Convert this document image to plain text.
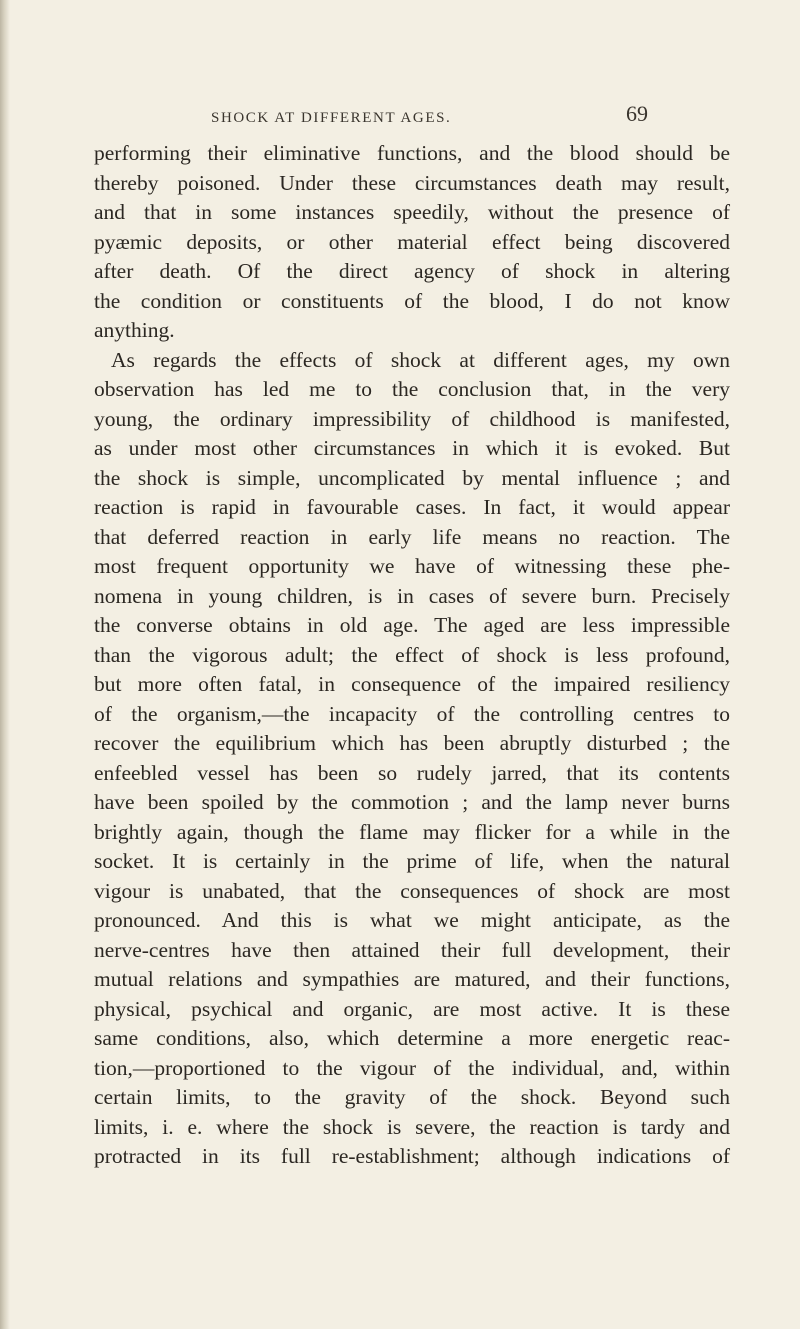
SHOCK AT DIFFERENT AGES.	69
performing their eliminative functions, and the blood should be
thereby poisoned. Under these circumstances death may result,
and that in some instances speedily, without the presence of
pyæmic deposits, or other material effect being discovered
after death. Of the direct agency of shock in altering
the condition or constituents of the blood, I do not know
anything.
As regards the effects of shock at different ages, my own
observation has led me to the conclusion that, in the very
young, the ordinary impressibility of childhood is manifested,
as under most other circumstances in which it is evoked. But
the shock is simple, uncomplicated by mental influence ; and
reaction is rapid in favourable cases. In fact, it would appear
that deferred reaction in early life means no reaction. The
most frequent opportunity we have of witnessing these phe-
nomena in young children, is in cases of severe burn. Precisely
the converse obtains in old age. The aged are less impressible
than the vigorous adult; the effect of shock is less profound,
but more often fatal, in consequence of the impaired resiliency
of the organism,—the incapacity of the controlling centres to
recover the equilibrium which has been abruptly disturbed ; the
enfeebled vessel has been so rudely jarred, that its contents
have been spoiled by the commotion ; and the lamp never burns
brightly again, though the flame may flicker for a while in the
socket. It is certainly in the prime of life, when the natural
vigour is unabated, that the consequences of shock are most
pronounced. And this is what we might anticipate, as the
nerve-centres have then attained their full development, their
mutual relations and sympathies are matured, and their functions,
physical, psychical and organic, are most active. It is these
same conditions, also, which determine a more energetic reac-
tion,—proportioned to the vigour of the individual, and, within
certain limits, to the gravity of the shock. Beyond such
limits, i. e. where the shock is severe, the reaction is tardy and
protracted in its full re-establishment; although indications of
